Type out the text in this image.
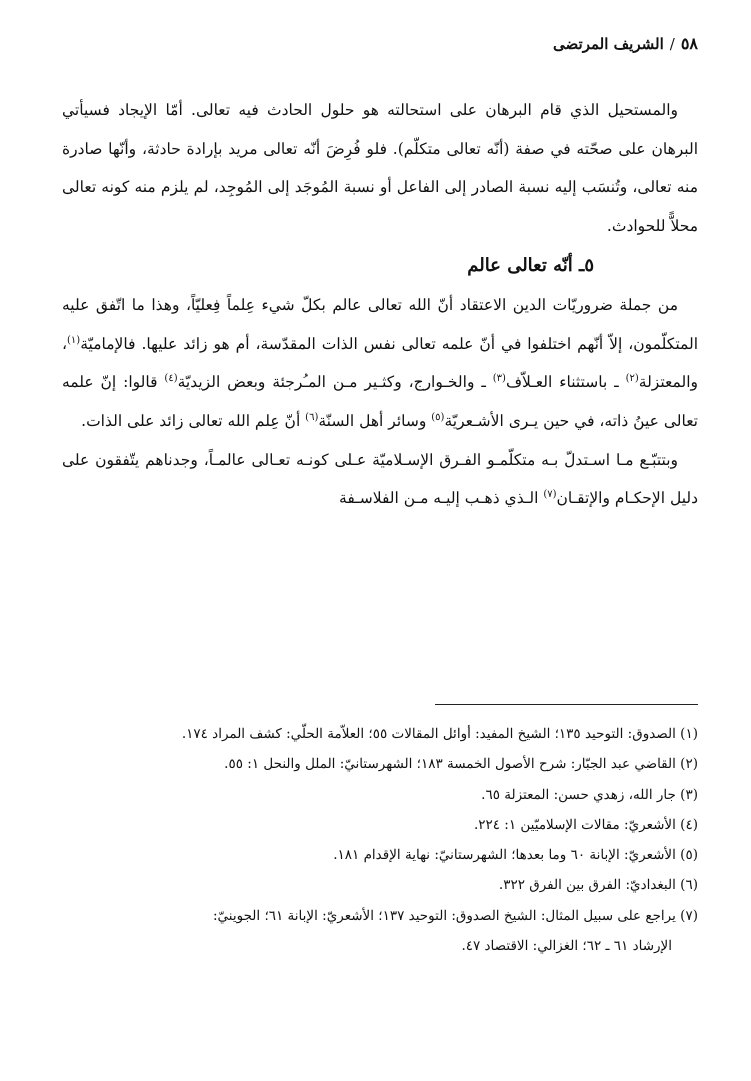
٥٨
/
الشريف المرتضى

والمستحيل الذي قام البرهان على استحالته هو حلول الحادث فيه تعالى. أمّا الإيجاد فسيأتي البرهان على صحّته في صفة (أنّه تعالى متكلّم). فلو فُرِضَ أنّه تعالى مريد بإرادة حادثة، وأنّها صادرة منه تعالى، وتُنسَب إليه نسبة الصادر إلى الفاعل أو نسبة المُوجَد إلى المُوجِد، لم يلزم منه كونه تعالى محلاًّ للحوادث.

٥ـ أنّه تعالى عالم

من جملة ضروريّات الدين الاعتقاد أنّ الله تعالى عالم بكلّ شيء عِلماً فِعليّاً، وهذا ما اتّفق عليه المتكلّمون، إلاّ أنّهم اختلفوا في أنّ علمه تعالى نفس الذات المقدّسة، أم هو زائد عليها. فالإماميّة$^{(١)}$، والمعتزلة$^{(٢)}$ ـ باستثناء العـلاّف$^{(٣)}$ ـ والخـوارج، وكثـير مـن المـُرجئة وبعض الزيديّة$^{(٤)}$ قالوا: إنّ علمه تعالى عينُ ذاته، في حين يـرى الأشـعريّة$^{(٥)}$ وسائر أهل السنّة$^{(٦)}$ أنّ عِلم الله تعالى زائد على الذات.

وبتتبّـع مـا اسـتدلّ بـه متكلّمـو الفـرق الإسـلاميّة عـلى كونـه تعـالى عالمـاً، وجدناهم يتّفقون على دليل الإحكـام والإتقـان$^{(٧)}$ الـذي ذهـب إليـه مـن الفلاسـفة

(١) الصدوق: التوحيد ١٣٥؛ الشيخ المفيد: أوائل المقالات ٥٥؛ العلاّمة الحلّي: كشف المراد ١٧٤.
(٢) القاضي عبد الجبّار: شرح الأصول الخمسة ١٨٣؛ الشهرستانيّ: الملل والنحل ١: ٥٥.
(٣) جار الله، زهدي حسن: المعتزلة ٦٥.
(٤) الأشعريّ: مقالات الإسلاميّين ١: ٢٢٤.
(٥) الأشعريّ: الإبانة ٦٠ وما بعدها؛ الشهرستانيّ: نهاية الإقدام ١٨١.
(٦) البغداديّ: الفرق بين الفرق ٣٢٢.
(٧) يراجع على سبيل المثال: الشيخ الصدوق: التوحيد ١٣٧؛ الأشعريّ: الإبانة ٦١؛ الجوينيّ:
الإرشاد ٦١ ـ ٦٢؛ الغزالي: الاقتصاد ٤٧.
